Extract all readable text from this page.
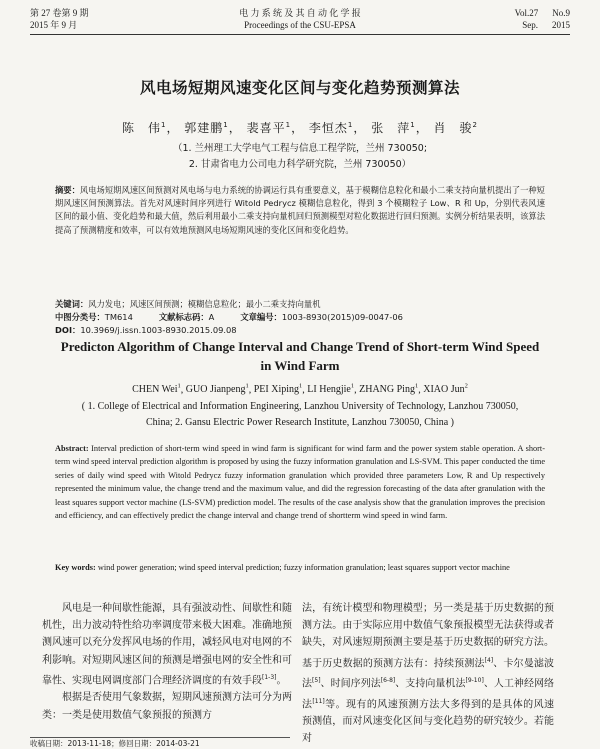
第 27 卷第 9 期
2015 年 9 月
电 力 系 统 及 其 自 动 化 学 报
Proceedings of the CSU-EPSA
Vol.27 No.9
Sep. 2015
风电场短期风速变化区间与变化趋势预测算法
陈　伟$^1$， 郭建鹏$^1$， 裴喜平$^1$， 李恒杰$^1$， 张　萍$^1$， 肖　骏$^2$
（1. 兰州理工大学电气工程与信息工程学院，兰州 730050;
2. 甘肃省电力公司电力科学研究院，兰州 730050）
摘要：风电场短期风速区间预测对风电场与电力系统的协调运行具有重要意义，基于模糊信息粒化和最小二乘支持向量机提出了一种短期风速区间预测算法。首先对风速时间序列进行 Witold Pedrycz 模糊信息粒化，得到 3 个模糊粒子 Low、R 和 Up，分别代表风速区间的最小值、变化趋势和最大值，然后利用最小二乘支持向量机回归预测模型对粒化数据进行回归预测。实例分析结果表明，该算法提高了预测精度和效率，可以有效地预测风电场短期风速的变化区间和变化趋势。
关键词：风力发电；风速区间预测；模糊信息粒化；最小二乘支持向量机
中图分类号：TM614	文献标志码：A	文章编号：1003-8930(2015)09-0047-06
Predicton Algorithm of Change Interval and Change Trend of Short-term Wind Speed in Wind Farm
CHEN Wei$^1$, GUO Jianpeng$^1$, PEI Xiping$^1$, LI Hengjie$^1$, ZHANG Ping$^1$, XIAO Jun$^2$
( 1. College of Electrical and Information Engineering, Lanzhou University of Technology, Lanzhou 730050, China; 2. Gansu Electric Power Research Institute, Lanzhou 730050, China )
Abstract: Interval prediction of short-term wind speed in wind farm is significant for wind farm and the power system stable operation. A short-term wind speed interval prediction algorithm is proposed by using the fuzzy information granulation and LS-SVM. This paper conducted the time series of daily wind speed with Witold Pedrycz fuzzy information granulation which provided three parameters Low, R and Up respectively represented the minimum value, the change trend and the maximum value, and did the regression forecasting of the data after granulation with the least squares support vector machine (LS-SVM) prediction model. The results of the case analysis show that the granulation improves the precision and efficiency, and can effectively predict the change interval and change trend of shortterm wind speed in wind farm.
Key words: wind power generation; wind speed interval prediction; fuzzy information granulation; least squares support vector machine

风电是一种间歇性能源，具有强波动性、间歇性和随机性，出力波动特性给功率调度带来极大困难。准确地预测风速可以充分发挥风电场的作用，减轻风电对电网的不利影响。对短期风速区间的预测是增强电网的安全性和可靠性、实现电网调度部门合理经济调度的有效手段[1-3]。

根据是否使用气象数据，短期风速预测方法可分为两类：一类是使用数值气象预报的预测方

法，有统计模型和物理模型；另一类是基于历史数据的预测方法。由于实际应用中数值气象预报模型无法获得或者缺失，对风速短期预测主要是基于历史数据的研究方法。基于历史数据的预测方法有：持续预测法[4]、卡尔曼滤波法[5]、时间序列法[6-8]、支持向量机法[9-10]、人工神经网络法[11]等。现有的风速预测方法大多得到的是具体的风速预测值，而对风速变化区间与变化趋势的研究较少。若能对

收稿日期：2013-11-18；修回日期：2014-03-21
DOI：10.3969/j.issn.1003-8930.2015.09.08
